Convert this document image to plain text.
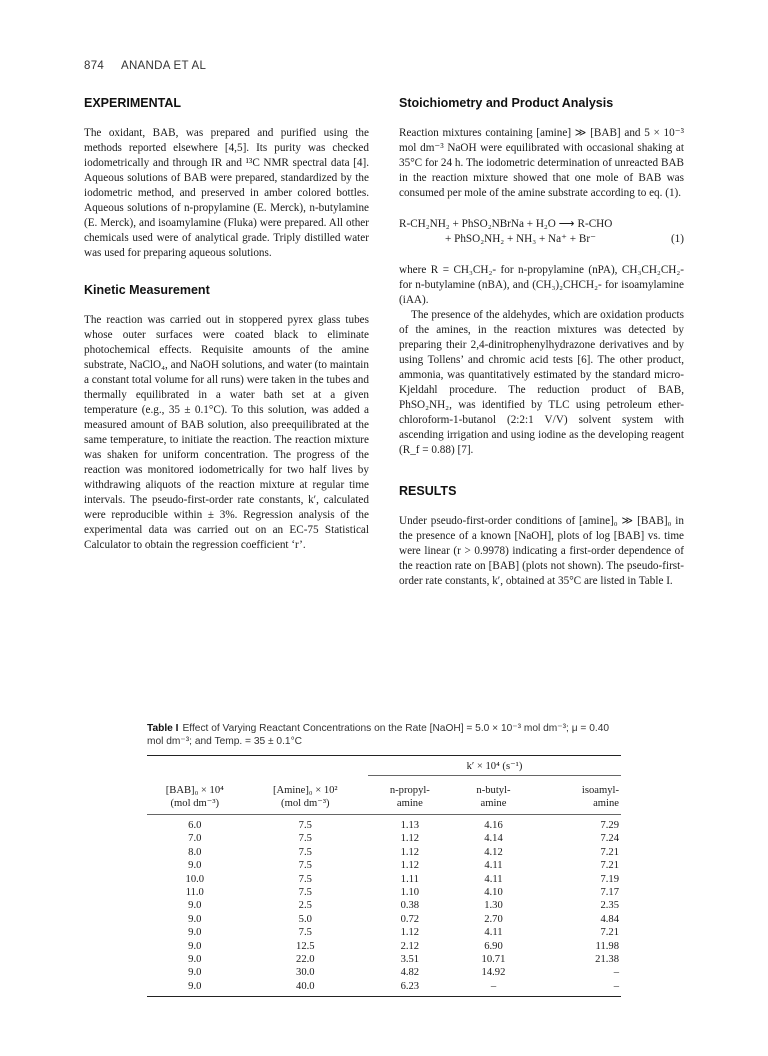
874 ANANDA ET AL
EXPERIMENTAL

The oxidant, BAB, was prepared and purified using the methods reported elsewhere [4,5]. Its purity was checked iodometrically and through IR and ¹³C NMR spectral data [4]. Aqueous solutions of BAB were prepared, standardized by the iodometric method, and preserved in amber colored bottles. Aqueous solutions of n-propylamine (E. Merck), n-butylamine (E. Merck), and isoamylamine (Fluka) were prepared. All other chemicals used were of analytical grade. Triply distilled water was used for preparing aqueous solutions.

Kinetic Measurement

The reaction was carried out in stoppered pyrex glass tubes whose outer surfaces were coated black to eliminate photochemical effects. Requisite amounts of the amine substrate, NaClO₄, and NaOH solutions, and water (to maintain a constant total volume for all runs) were taken in the tubes and thermally equilibrated in a water bath set at a given temperature (e.g., 35 ± 0.1°C). To this solution, was added a measured amount of BAB solution, also preequilibrated at the same temperature, to initiate the reaction. The reaction mixture was shaken for uniform concentration. The progress of the reaction was monitored iodometrically for two half lives by withdrawing aliquots of the reaction mixture at regular time intervals. The pseudo-first-order rate constants, k′, calculated were reproducible within ± 3%. Regression analysis of the experimental data was carried out on an EC-75 Statistical Calculator to obtain the regression coefficient ‘r’.

Stoichiometry and Product Analysis

Reaction mixtures containing [amine] ≫ [BAB] and 5 × 10⁻³ mol dm⁻³ NaOH were equilibrated with occasional shaking at 35°C for 24 h. The iodometric determination of unreacted BAB in the reaction mixture showed that one mole of BAB was consumed per mole of the amine substrate according to eq. (1).

R-CH₂NH₂ + PhSO₂NBrNa + H₂O ⟶ R-CHO
+ PhSO₂NH₂ + NH₃ + Na⁺ + Br⁻	(1)

where R = CH₃CH₂- for n-propylamine (nPA), CH₃CH₂CH₂- for n-butylamine (nBA), and (CH₃)₂CHCH₂- for isoamylamine (iAA).

The presence of the aldehydes, which are oxidation products of the amines, in the reaction mixtures was detected by preparing their 2,4-dinitrophenylhydrazone derivatives and by using Tollens’ and chromic acid tests [6]. The other product, ammonia, was quantitatively estimated by the standard micro-Kjeldahl procedure. The reduction product of BAB, PhSO₂NH₂, was identified by TLC using petroleum ether-chloroform-1-butanol (2:2:1 V/V) solvent system with ascending irrigation and using iodine as the developing reagent (R_f = 0.88) [7].

RESULTS

Under pseudo-first-order conditions of [amine]₀ ≫ [BAB]₀ in the presence of a known [NaOH], plots of log [BAB] vs. time were linear (r > 0.9978) indicating a first-order dependence of the reaction rate on [BAB] (plots not shown). The pseudo-first-order rate constants, k′, obtained at 35°C are listed in Table I.

Table I Effect of Varying Reactant Concentrations on the Rate [NaOH] = 5.0 × 10⁻³ mol dm⁻³; μ = 0.40 mol dm⁻³; and Temp. = 35 ± 0.1°C
		k′ × 10⁴ (s⁻¹)		
[BAB]₀ × 10⁴	[Amine]₀ × 10²	n-propyl-	n-butyl-	isoamyl-
(mol dm⁻³)	(mol dm⁻³)	amine	amine	amine
6.0	7.5	1.13	4.16	7.29
7.0	7.5	1.12	4.14	7.24
8.0	7.5	1.12	4.12	7.21
9.0	7.5	1.12	4.11	7.21
10.0	7.5	1.11	4.11	7.19
11.0	7.5	1.10	4.10	7.17
9.0	2.5	0.38	1.30	2.35
9.0	5.0	0.72	2.70	4.84
9.0	7.5	1.12	4.11	7.21
9.0	12.5	2.12	6.90	11.98
9.0	22.0	3.51	10.71	21.38
9.0	30.0	4.82	14.92	–
9.0	40.0	6.23	–	–
